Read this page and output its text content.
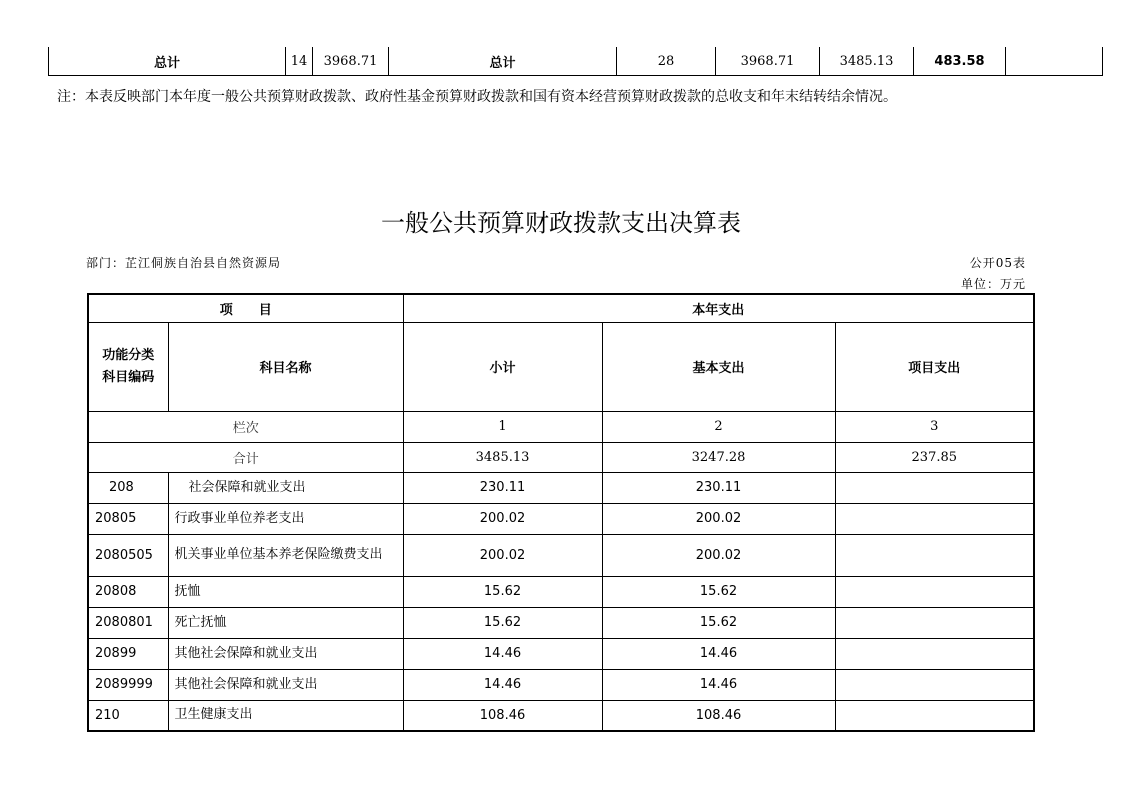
总计	14	3968.71	总计	28	3968.71	3485.13	483.58	
注：本表反映部门本年度一般公共预算财政拨款、政府性基金预算财政拨款和国有资本经营预算财政拨款的总收支和年末结转结余情况。
一般公共预算财政拨款支出决算表
部门：芷江侗族自治县自然资源局	公开05表
单位：万元
项　　目		本年支出		
功能分类科目编码	科目名称	小计	基本支出	项目支出
栏次		1	2	3
合计		3485.13	3247.28	237.85
208	社会保障和就业支出	230.11	230.11	
20805	行政事业单位养老支出	200.02	200.02	
2080505	机关事业单位基本养老保险缴费支出	200.02	200.02	
20808	抚恤	15.62	15.62	
2080801	死亡抚恤	15.62	15.62	
20899	其他社会保障和就业支出	14.46	14.46	
2089999	其他社会保障和就业支出	14.46	14.46	
210	卫生健康支出	108.46	108.46	
